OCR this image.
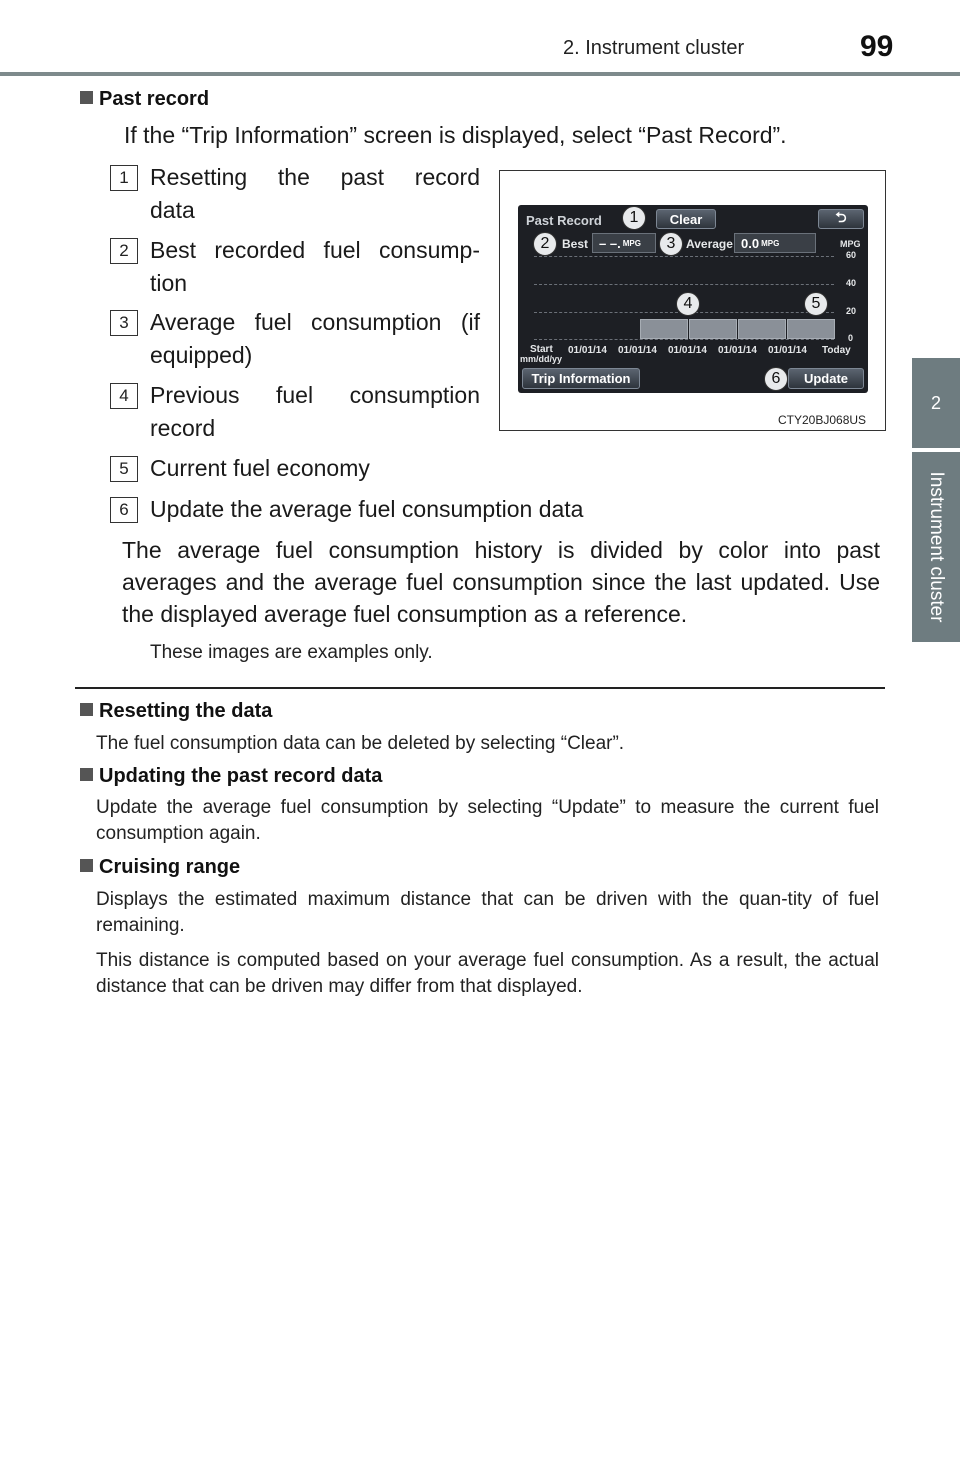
2. Instrument cluster	99
2
Instrument cluster
Past record
If the “Trip Information” screen is displayed, select “Past Record”.
1 Resetting the past record
data
2 Best recorded fuel consump-
tion
3 Average fuel consumption (if
equipped)
4 Previous fuel consumption
record
5 Current fuel economy
6 Update the average fuel consumption data
The average fuel consumption history is divided by color into past averages and the average fuel consumption since the last updated. Use the displayed average fuel consumption as a reference.
These images are examples only.
Past Record	Clear	⮌
Best – –. MPG	Average 0.0 MPG	MPG
60
40
20
0
Start
mm/dd/yy
01/01/14 01/01/14 01/01/14 01/01/14 01/01/14 Today
Trip Information	Update
1
2	3
4	5
6
CTY20BJ068US
Resetting the data
The fuel consumption data can be deleted by selecting “Clear”.
Updating the past record data
Update the average fuel consumption by selecting “Update” to measure the current fuel consumption again.
Cruising range
Displays the estimated maximum distance that can be driven with the quan-tity of fuel remaining.
This distance is computed based on your average fuel consumption. As a result, the actual distance that can be driven may differ from that displayed.
